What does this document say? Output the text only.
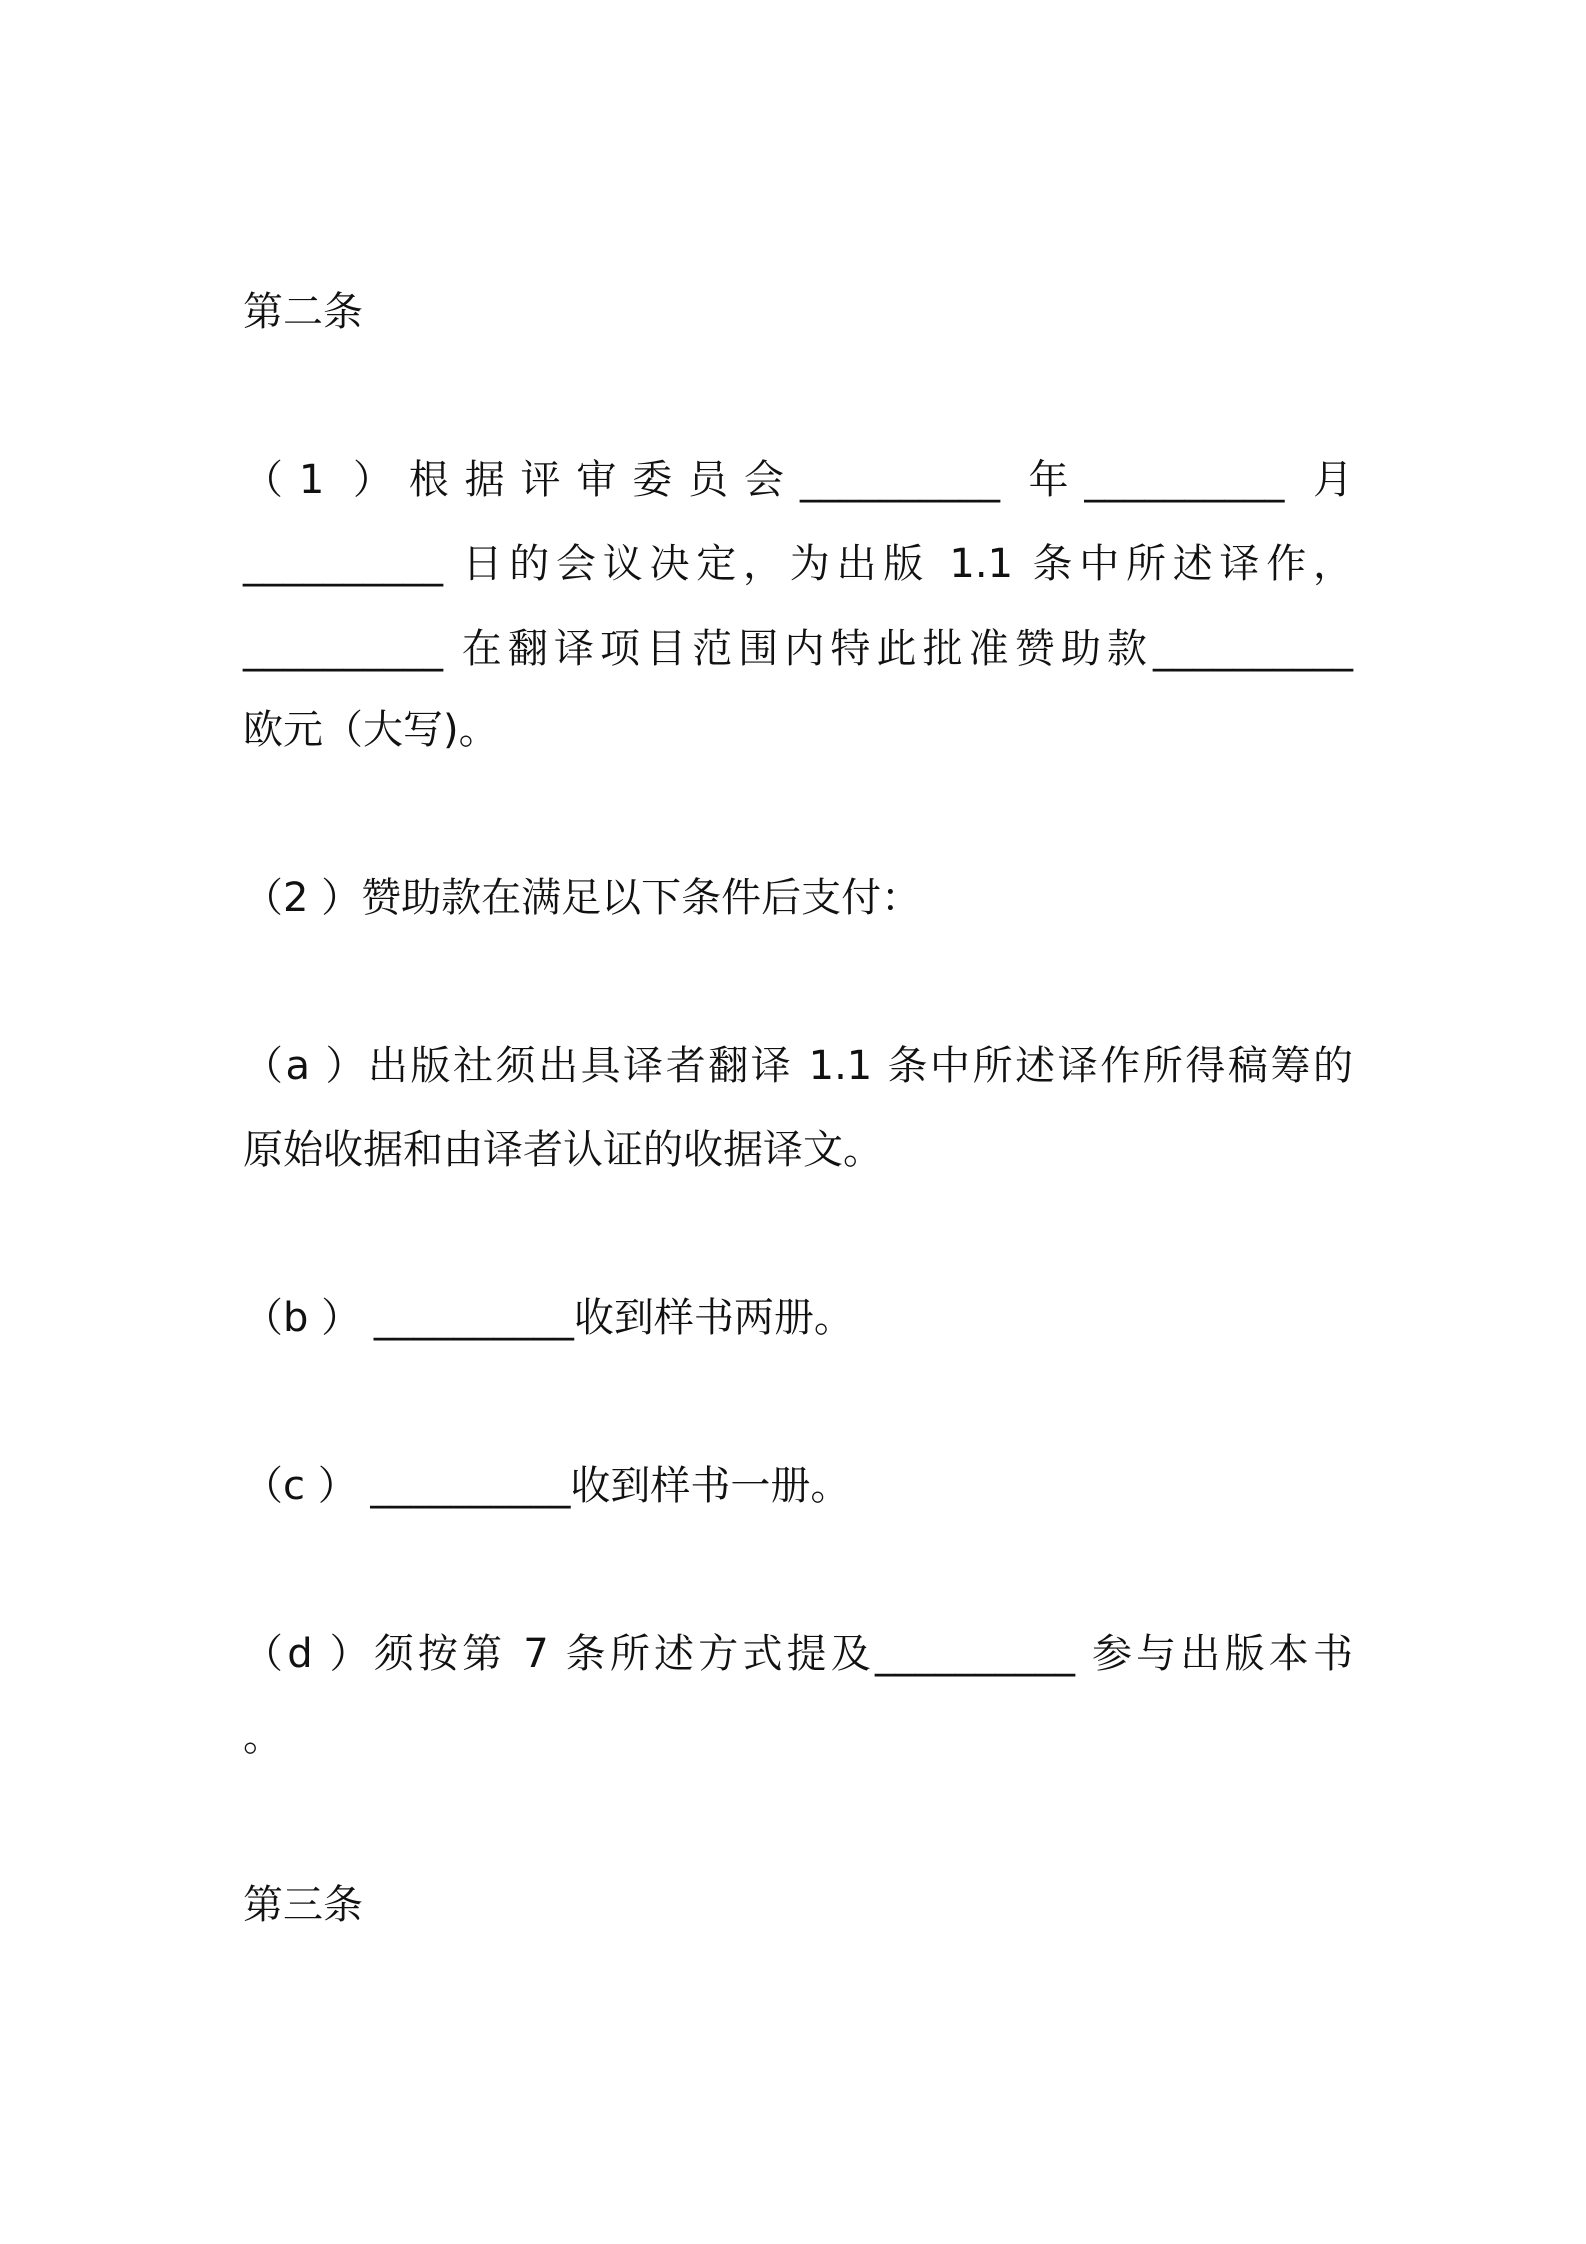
第二条

（1 ）根据评审委员会__________ 年__________ 月

__________ 日的会议决定，为出版 1.1 条中所述译作，

__________ 在翻译项目范围内特此批准赞助款__________

欧元（大写)。

（2 ）赞助款在满足以下条件后支付：

（a ）出版社须出具译者翻译 1.1 条中所述译作所得稿筹的

原始收据和由译者认证的收据译文。

（b ） __________收到样书两册。

（c ） __________收到样书一册。

（d ）须按第 7 条所述方式提及__________ 参与出版本书

。

第三条
